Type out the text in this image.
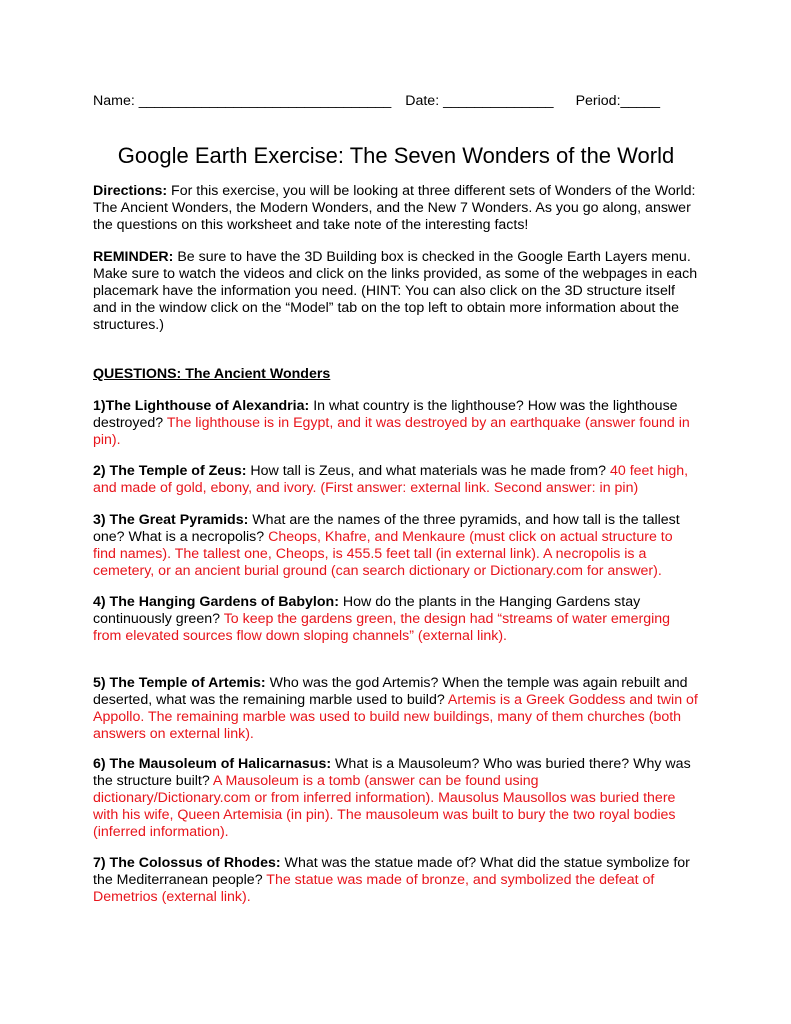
Name: ________________________________ Date: ______________ Period:_____
Google Earth Exercise: The Seven Wonders of the World
Directions: For this exercise, you will be looking at three different sets of Wonders of the World: The Ancient Wonders, the Modern Wonders, and the New 7 Wonders. As you go along, answer the questions on this worksheet and take note of the interesting facts!
REMINDER: Be sure to have the 3D Building box is checked in the Google Earth Layers menu. Make sure to watch the videos and click on the links provided, as some of the webpages in each placemark have the information you need. (HINT: You can also click on the 3D structure itself and in the window click on the “Model” tab on the top left to obtain more information about the structures.)
QUESTIONS: The Ancient Wonders
1)The Lighthouse of Alexandria: In what country is the lighthouse? How was the lighthouse destroyed? The lighthouse is in Egypt, and it was destroyed by an earthquake (answer found in pin).
2) The Temple of Zeus: How tall is Zeus, and what materials was he made from? 40 feet high, and made of gold, ebony, and ivory. (First answer: external link. Second answer: in pin)
3) The Great Pyramids: What are the names of the three pyramids, and how tall is the tallest one? What is a necropolis? Cheops, Khafre, and Menkaure (must click on actual structure to find names). The tallest one, Cheops, is 455.5 feet tall (in external link). A necropolis is a cemetery, or an ancient burial ground (can search dictionary or Dictionary.com for answer).
4) The Hanging Gardens of Babylon: How do the plants in the Hanging Gardens stay continuously green? To keep the gardens green, the design had “streams of water emerging from elevated sources flow down sloping channels” (external link).
5) The Temple of Artemis: Who was the god Artemis? When the temple was again rebuilt and deserted, what was the remaining marble used to build? Artemis is a Greek Goddess and twin of Appollo. The remaining marble was used to build new buildings, many of them churches (both answers on external link).
6) The Mausoleum of Halicarnasus: What is a Mausoleum? Who was buried there? Why was the structure built? A Mausoleum is a tomb (answer can be found using dictionary/Dictionary.com or from inferred information). Mausolus Mausollos was buried there with his wife, Queen Artemisia (in pin). The mausoleum was built to bury the two royal bodies (inferred information).
7) The Colossus of Rhodes: What was the statue made of? What did the statue symbolize for the Mediterranean people? The statue was made of bronze, and symbolized the defeat of Demetrios (external link).
